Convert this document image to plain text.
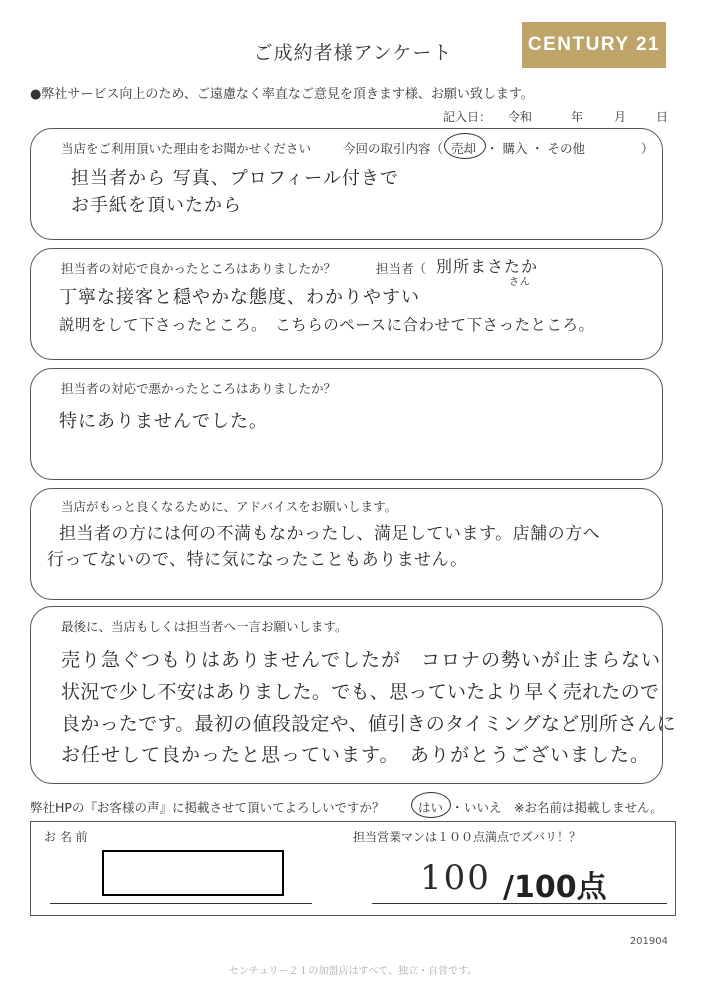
ご成約者様アンケート	CENTURY 21
●弊社サービス向上のため、ご遠慮なく率直なご意見を頂きます様、お願い致します。
記入日： 令和	年	月 日
当店をご利用頂いた理由をお聞かせください	今回の取引内容（ 売却 ・ 購入 ・ その他	）
担当者から 写真、プロフィール付きで
お手紙を頂いたから
担当者の対応で良かったところはありましたか？	担当者（ 別所まさたか
さん
丁寧な接客と穏やかな態度、わかりやすい
説明をして下さったところ。　こちらのペースに合わせて下さったところ。
担当者の対応で悪かったところはありましたか？
特にありませんでした。
当店がもっと良くなるために、アドバイスをお願いします。
担当者の方には何の不満もなかったし、満足しています。店舗の方へ
行ってないので、特に気になったこともありません。
最後に、当店もしくは担当者へ一言お願いします。
売り急ぐつもりはありませんでしたが　コロナの勢いが止まらない
状況で少し不安はありました。でも、思っていたより早く売れたので
良かったです。最初の値段設定や、値引きのタイミングなど別所さんに
お任せして良かったと思っています。　ありがとうございました。
弊社HPの『お客様の声』に掲載させて頂いてよろしいですか？	はい ・ いいえ ※お名前は掲載しません。
お 名 前	担当営業マンは１００点満点でズバリ！？
100 /100点
201904
センチュリー２１の加盟店はすべて、独立・自営です。
